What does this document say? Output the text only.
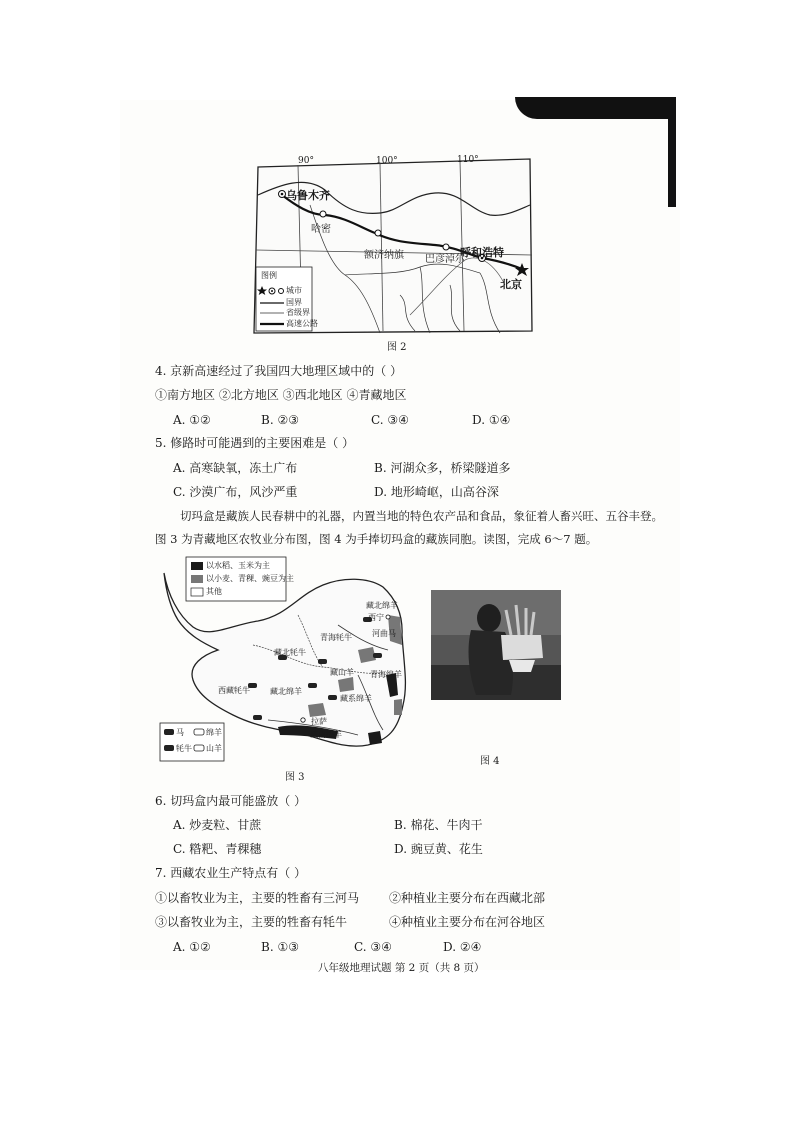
90°	100°	110°
乌鲁木齐
哈密
额济纳旗 巴彦淖尔
呼和浩特
北京
图例
城市
国界
省级界
高速公路
图 2
4. 京新高速经过了我国四大地理区域中的（ ）
①南方地区 ②北方地区 ③西北地区 ④青藏地区
A. ①②	B. ②③	C. ③④	D. ①④
5. 修路时可能遇到的主要困难是（ ）
A. 高寒缺氧，冻土广布	B. 河湖众多，桥梁隧道多
C. 沙漠广布，风沙严重	D. 地形崎岖，山高谷深
切玛盒是藏族人民春耕中的礼器，内置当地的特色农产品和食品，象征着人畜兴旺、五谷丰登。
图 3 为青藏地区农牧业分布图，图 4 为手捧切玛盒的藏族同胞。读图，完成 6～7 题。
以水稻、玉米为主
以小麦、青稞、豌豆为主
其他
马	绵羊
牦牛 山羊
藏北绵羊
西宁
河曲马
青海牦牛
藏北牦牛
藏山羊 青海绵羊
西藏牦牛	藏北绵羊
藏系绵羊
拉萨
藏南绵羊
图 3
图 4
6. 切玛盒内最可能盛放（ ）
A. 炒麦粒、甘蔗	B. 棉花、牛肉干
C. 糌粑、青稞穗	D. 豌豆黄、花生
7. 西藏农业生产特点有（ ）
①以畜牧业为主，主要的牲畜有三河马 ②种植业主要分布在西藏北部
③以畜牧业为主，主要的牲畜有牦牛	④种植业主要分布在河谷地区
A. ①②	B. ①③	C. ③④	D. ②④
八年级地理试题 第 2 页（共 8 页）
